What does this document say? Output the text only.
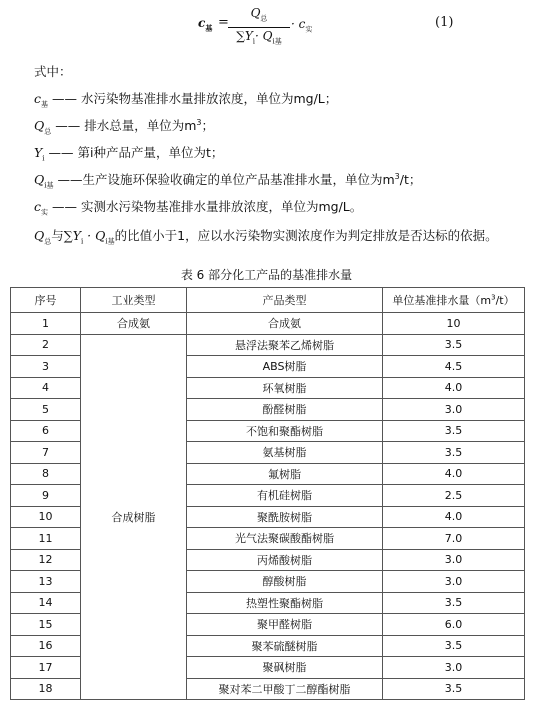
$c_基$ =
$Q_总$
$\sum Y_i\cdot Q_{i基}$
· $c_实$	(1)
式中：
$c_基$ —— 水污染物基准排水量排放浓度，单位为mg/L；
$Q_总$ —— 排水总量，单位为$m^3$；
$Y_i$ —— 第i种产品产量，单位为t；
$Q_{i基}$ ——生产设施环保验收确定的单位产品基准排水量，单位为$m^3/t$；
$c_实$ —— 实测水污染物基准排水量排放浓度，单位为mg/L。
$Q_总$与$\sum Y_i \cdot Q_{i基}$的比值小于1，应以水污染物实测浓度作为判定排放是否达标的依据。
表 6 部分化工产品的基准排水量
序号	工业类型	产品类型	单位基准排水量$(m^3/t)$
1	合成氨	合成氨	10
2	合成树脂	悬浮法聚苯乙烯树脂	3.5
3		ABS树脂	4.5
4		环氧树脂	4.0
5		酚醛树脂	3.0
6		不饱和聚酯树脂	3.5
7		氨基树脂	3.5
8		氟树脂	4.0
9		有机硅树脂	2.5
10		聚酰胺树脂	4.0
11		光气法聚碳酸酯树脂	7.0
12		丙烯酸树脂	3.0
13		醇酸树脂	3.0
14		热塑性聚酯树脂	3.5
15		聚甲醛树脂	6.0
16		聚苯硫醚树脂	3.5
17		聚砜树脂	3.0
18		聚对苯二甲酸丁二醇酯树脂	3.5
